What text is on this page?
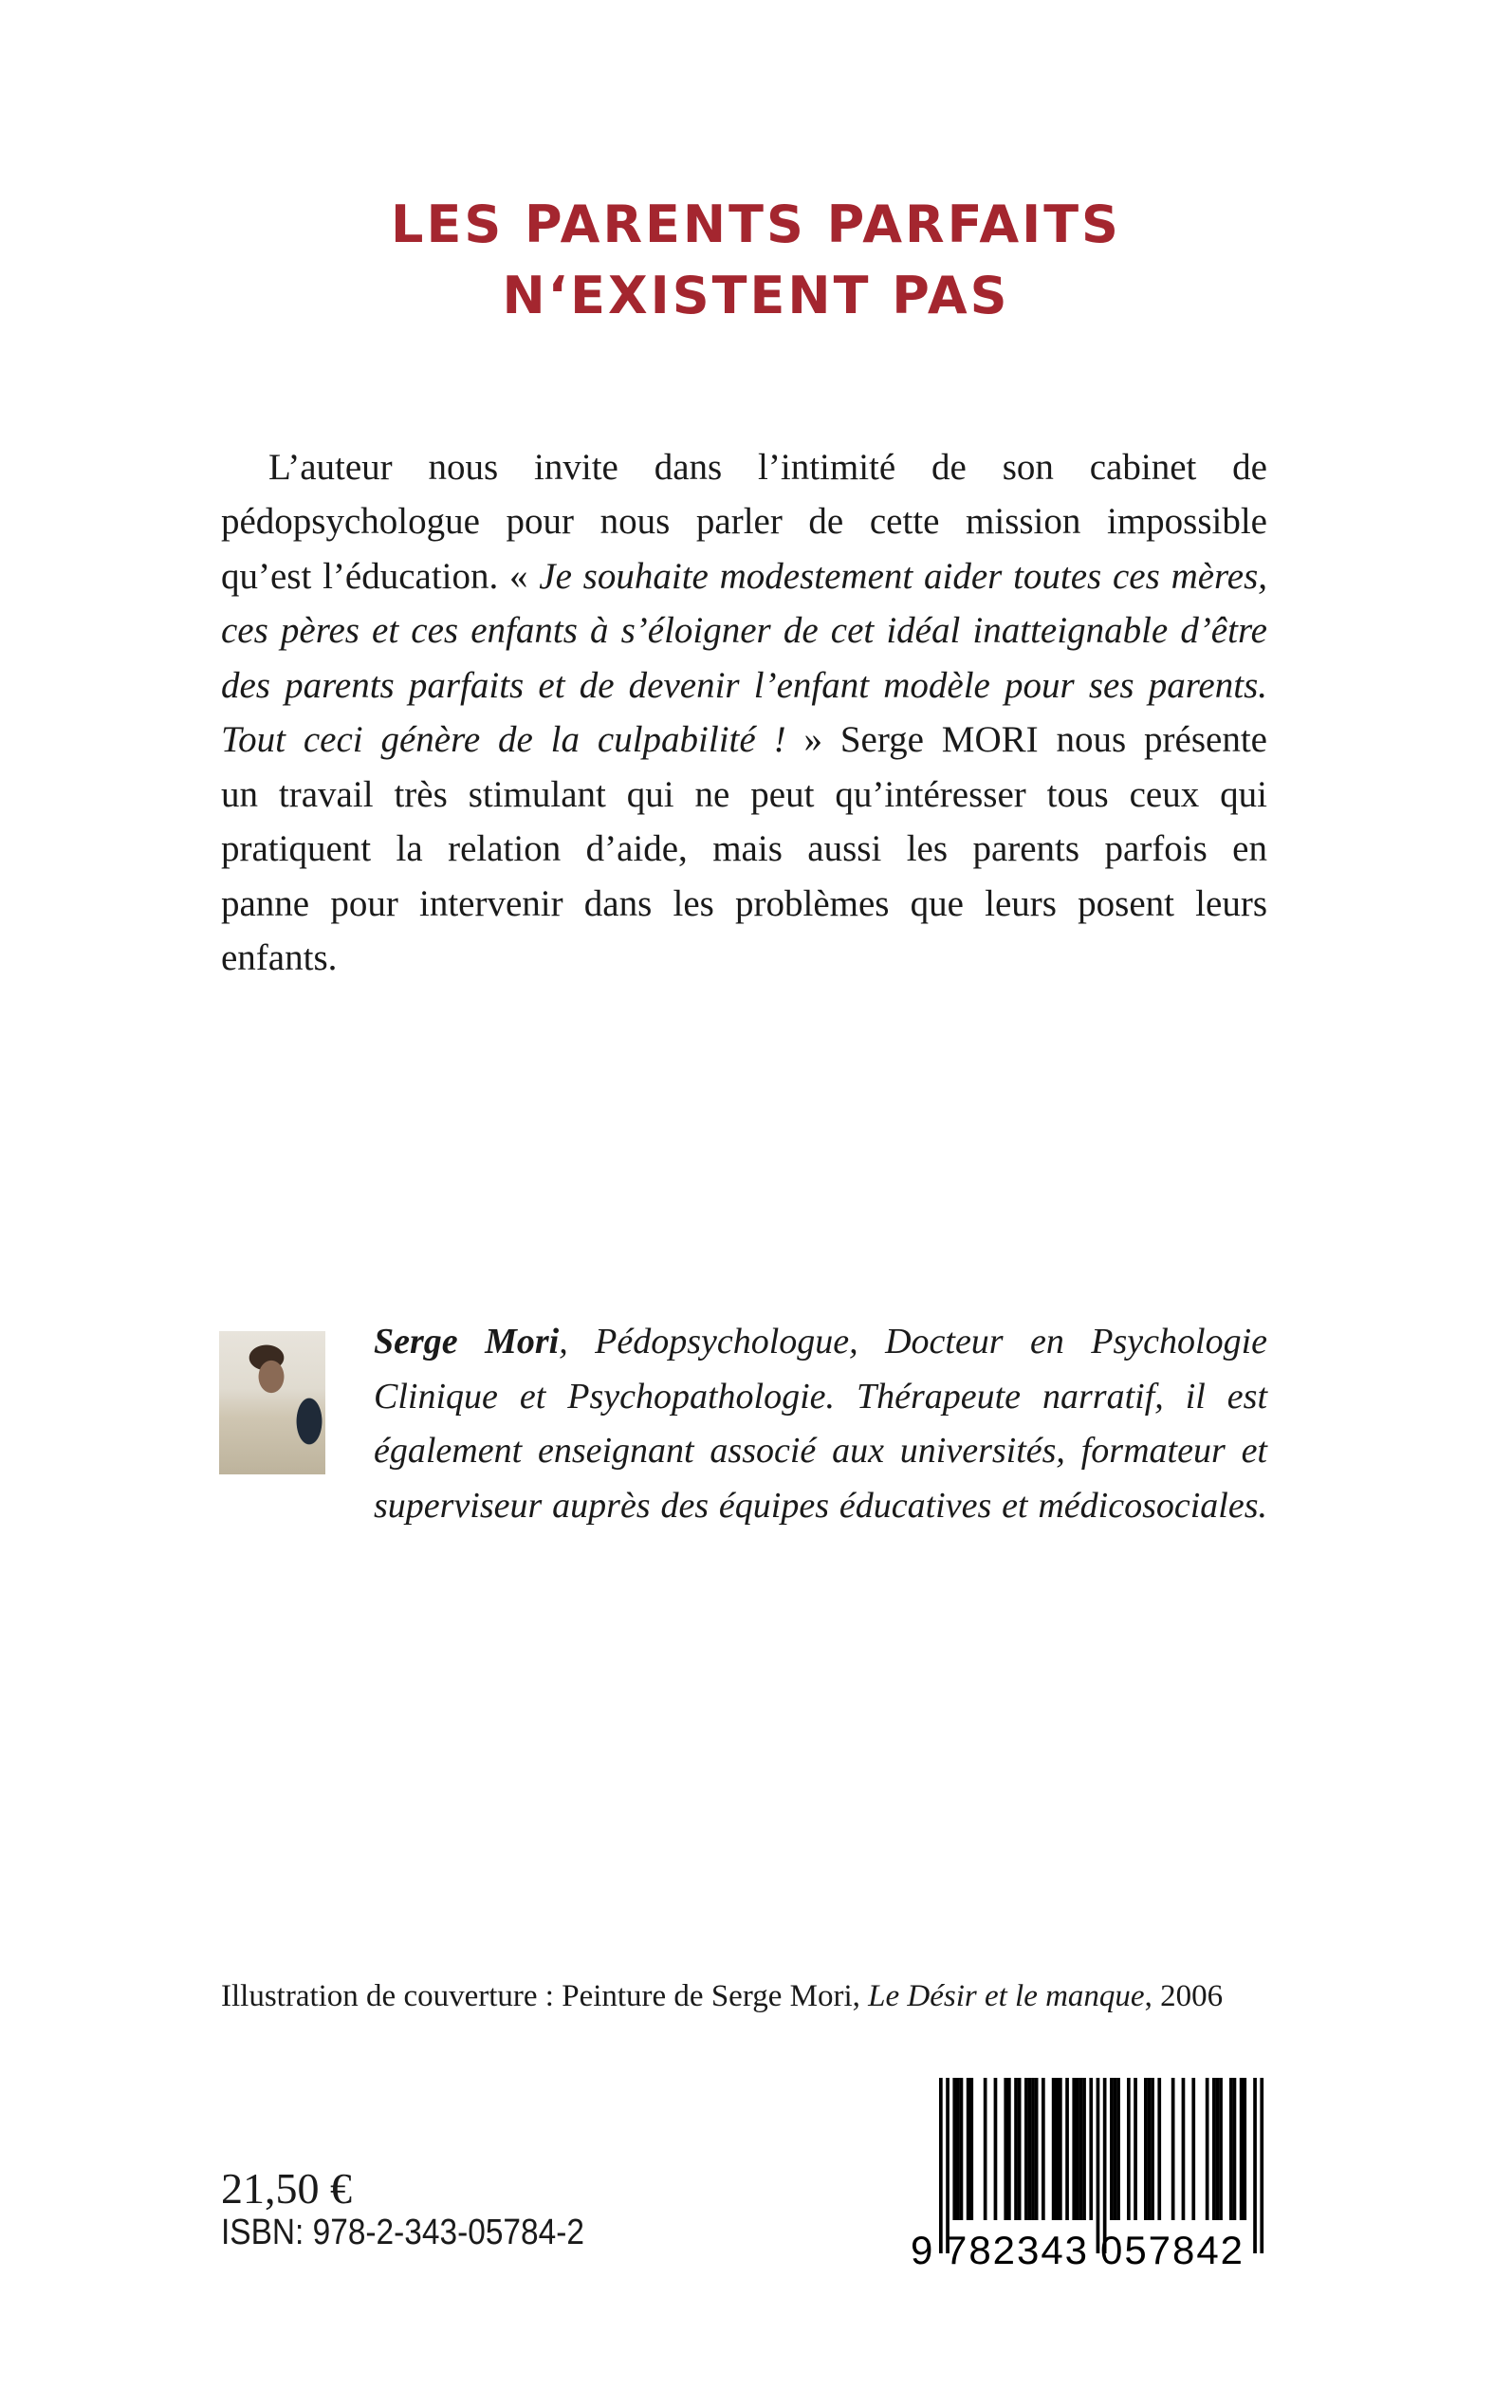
LES PARENTS PARFAITS
N‘EXISTENT PAS
L’auteur nous invite dans l’intimité de son cabinet de
pédopsychologue pour nous parler de cette mission impossible
qu’est l’éducation. « Je souhaite modestement aider toutes ces mères,
ces pères et ces enfants à s’éloigner de cet idéal inatteignable d’être
des parents parfaits et de devenir l’enfant modèle pour ses parents.
Tout ceci génère de la culpabilité ! » Serge MORI nous présente
un travail très stimulant qui ne peut qu’intéresser tous ceux qui
pratiquent la relation d’aide, mais aussi les parents parfois en
panne pour intervenir dans les problèmes que leurs posent leurs
enfants.
Serge Mori, Pédopsychologue, Docteur en Psychologie
Clinique et Psychopathologie. Thérapeute narratif, il est
également enseignant associé aux universités, formateur et
superviseur auprès des équipes éducatives et médicosociales.
Illustration de couverture : Peinture de Serge Mori, Le Désir et le manque, 2006
21,50 €
ISBN: 978-2-343-05784-2	9 782343 057842
